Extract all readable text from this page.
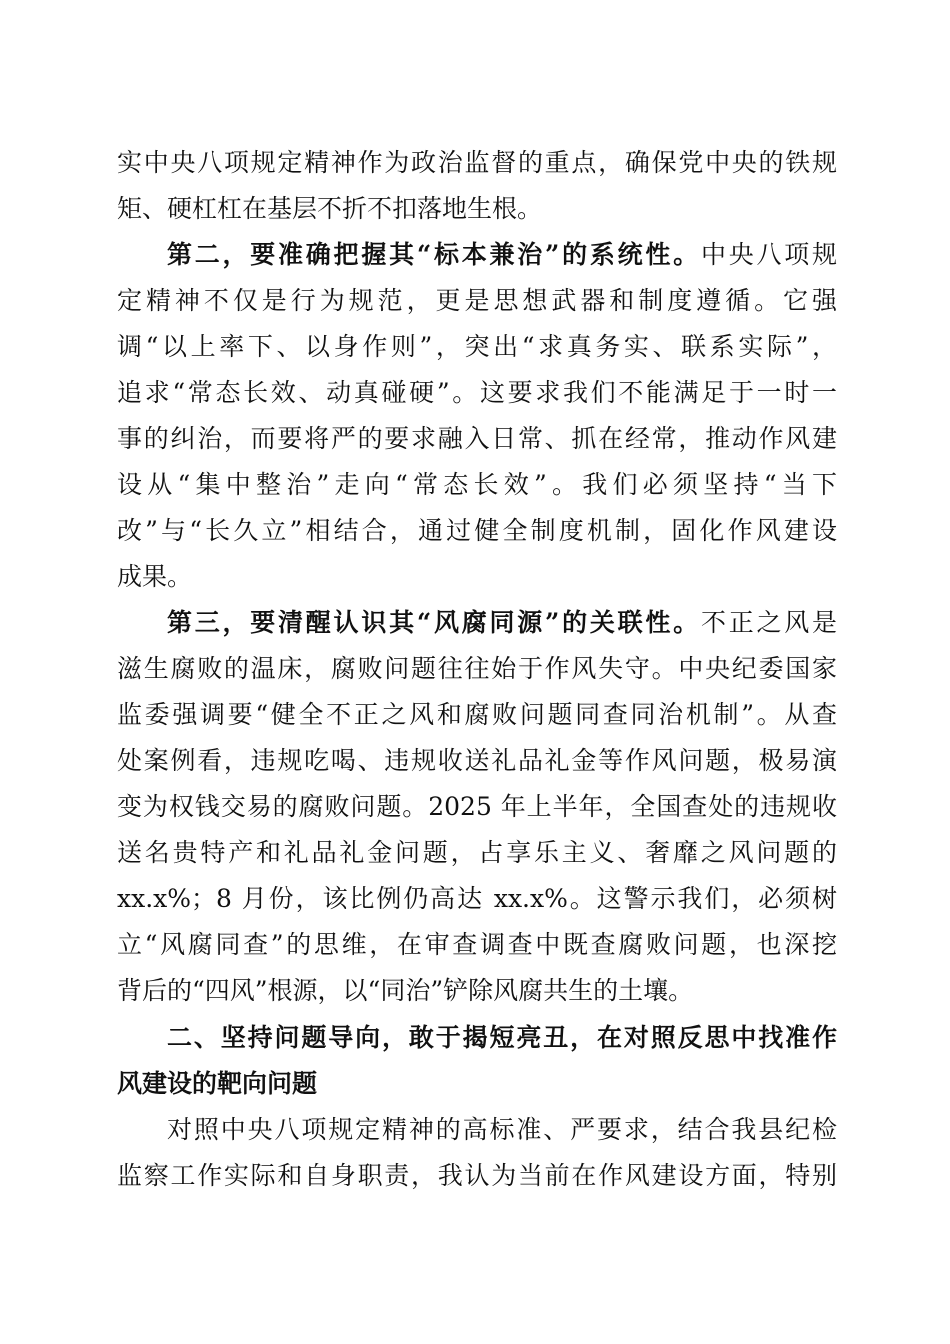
实中央八项规定精神作为政治监督的重点，确保党中央的铁规
矩、硬杠杠在基层不折不扣落地生根。
第二，要准确把握其“标本兼治”的系统性。中央八项规
定精神不仅是行为规范，更是思想武器和制度遵循。它强
调“以上率下、以身作则”，突出“求真务实、联系实际”，
追求“常态长效、动真碰硬”。这要求我们不能满足于一时一
事的纠治，而要将严的要求融入日常、抓在经常，推动作风建
设从“集中整治”走向“常态长效”。我们必须坚持“当下
改”与“长久立”相结合，通过健全制度机制，固化作风建设
成果。
第三，要清醒认识其“风腐同源”的关联性。不正之风是
滋生腐败的温床，腐败问题往往始于作风失守。中央纪委国家
监委强调要“健全不正之风和腐败问题同查同治机制”。从查
处案例看，违规吃喝、违规收送礼品礼金等作风问题，极易演
变为权钱交易的腐败问题。2025 年上半年，全国查处的违规收
送名贵特产和礼品礼金问题，占享乐主义、奢靡之风问题的
xx.x%；8 月份，该比例仍高达 xx.x%。这警示我们，必须树
立“风腐同查”的思维，在审查调查中既查腐败问题，也深挖
背后的“四风”根源，以“同治”铲除风腐共生的土壤。
二、坚持问题导向，敢于揭短亮丑，在对照反思中找准作
风建设的靶向问题
对照中央八项规定精神的高标准、严要求，结合我县纪检
监察工作实际和自身职责，我认为当前在作风建设方面，特别
